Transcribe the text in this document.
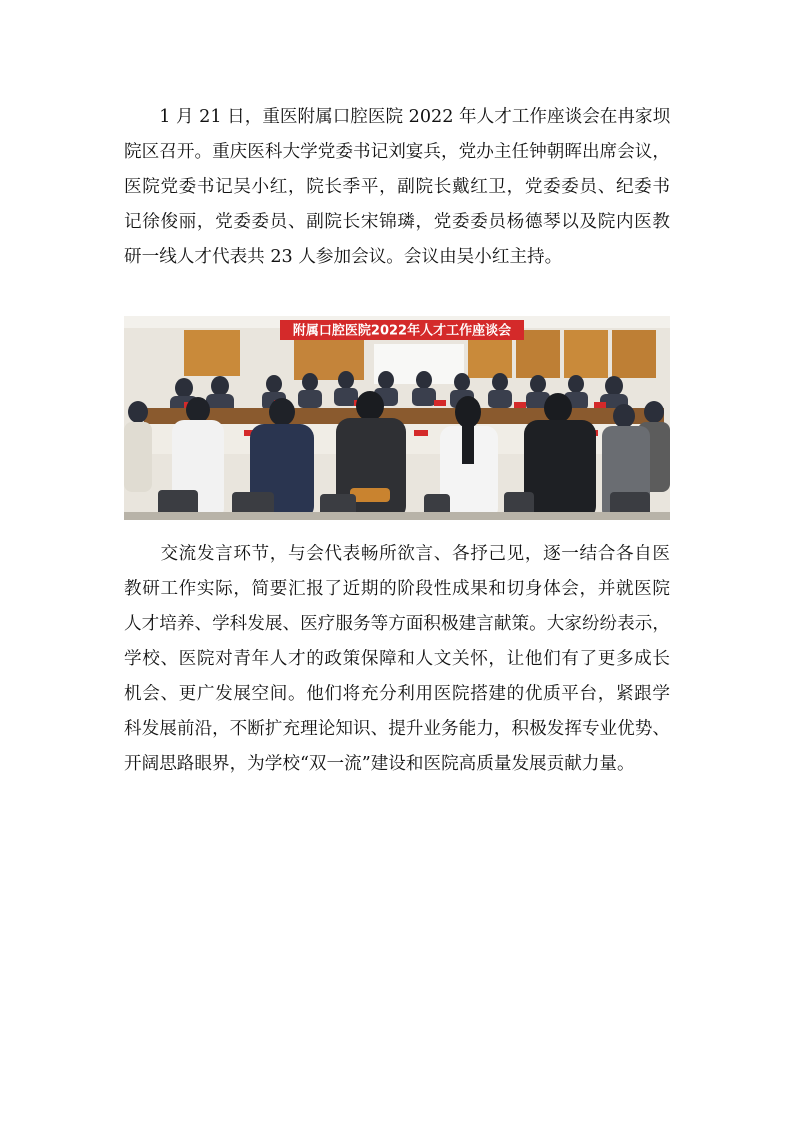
　　1 月 21 日，重医附属口腔医院 2022 年人才工作座谈会在冉家坝
院区召开。重庆医科大学党委书记刘宴兵，党办主任钟朝晖出席会议，
医院党委书记吴小红，院长季平，副院长戴红卫，党委委员、纪委书
记徐俊丽，党委委员、副院长宋锦璘，党委委员杨德琴以及院内医教
研一线人才代表共 23 人参加会议。会议由吴小红主持。
附属口腔医院2022年人才工作座谈会
　　交流发言环节，与会代表畅所欲言、各抒己见，逐一结合各自医
教研工作实际，简要汇报了近期的阶段性成果和切身体会，并就医院
人才培养、学科发展、医疗服务等方面积极建言献策。大家纷纷表示，
学校、医院对青年人才的政策保障和人文关怀，让他们有了更多成长
机会、更广发展空间。他们将充分利用医院搭建的优质平台，紧跟学
科发展前沿，不断扩充理论知识、提升业务能力，积极发挥专业优势、
开阔思路眼界，为学校“双一流”建设和医院高质量发展贡献力量。
